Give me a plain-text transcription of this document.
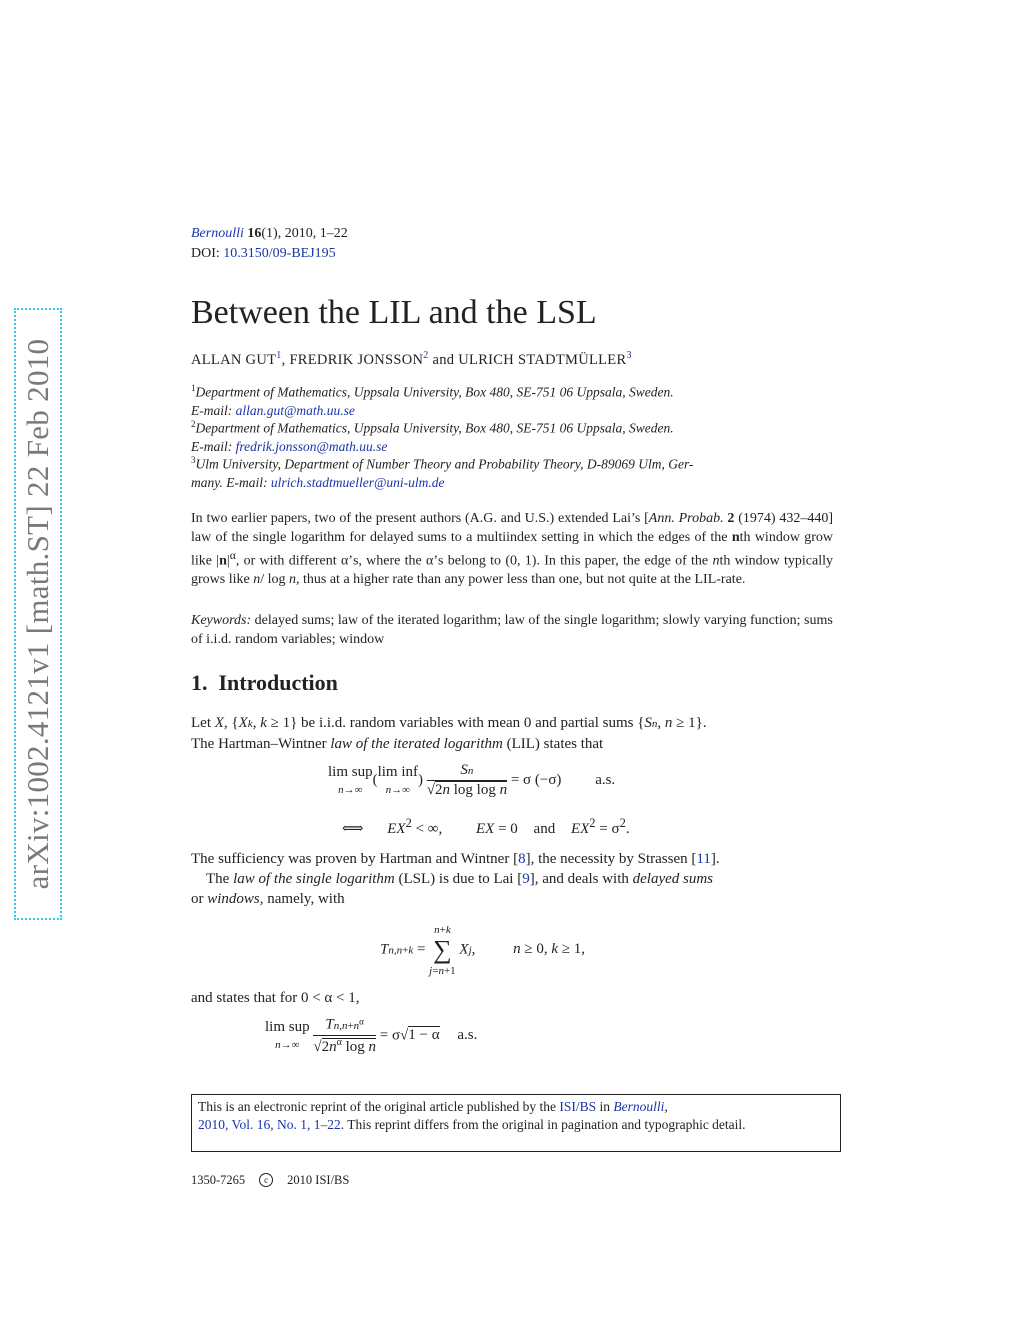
arXiv:1002.4121v1 [math.ST] 22 Feb 2010
Bernoulli 16(1), 2010, 1–22
DOI: 10.3150/09-BEJ195
Between the LIL and the LSL
ALLAN GUT$^1$, FREDRIK JONSSON$^2$ and ULRICH STADTMÜLLER$^3$
$^1$Department of Mathematics, Uppsala University, Box 480, SE-751 06 Uppsala, Sweden.
E-mail: allan.gut@math.uu.se
$^2$Department of Mathematics, Uppsala University, Box 480, SE-751 06 Uppsala, Sweden.
E-mail: fredrik.jonsson@math.uu.se
$^3$Ulm University, Department of Number Theory and Probability Theory, D-89069 Ulm, Ger-
many. E-mail: ulrich.stadtmueller@uni-ulm.de
In two earlier papers, two of the present authors (A.G. and U.S.) extended Lai’s [Ann. Probab. 2 (1974) 432–440] law of the single logarithm for delayed sums to a multiindex setting in which the edges of the nth window grow like $|n|^\alpha$, or with different α’s, where the α’s belong to (0, 1). In this paper, the edge of the nth window typically grows like n/ log n, thus at a higher rate than any power less than one, but not quite at the LIL-rate.
Keywords: delayed sums; law of the iterated logarithm; law of the single logarithm; slowly varying function; sums of i.i.d. random variables; window
1. Introduction
Let X, {Xk, k ≥ 1} be i.i.d. random variables with mean 0 and partial sums {Sn, n ≥ 1}.
The Hartman–Wintner law of the iterated logarithm (LIL) states that
lim sup
n→∞(lim inf
$n\to\infty) \frac{Sn}{\text{√2n log log n}} = \sigma$ (−σ) a.s.
⟺ $EX^2$ < ∞, EX = 0 and $EX^2 = \sigma^2$.
The sufficiency was proven by Hartman and Wintner [8], the necessity by Strassen [11].
The law of the single logarithm (LSL) is due to Lai [9], and deals with delayed sums
or windows, namely, with
Tn,n+k = n+k
∑
j=n+1 Xj, n ≥ 0, k ≥ 1,
and states that for 0 < α < 1,
lim sup
$n\to\infty \frac{Tn,n+n^\alpha}{√2n^\alpha \log n} = \sigma√1 - \alpha$ a.s.
This is an electronic reprint of the original article published by the ISI/BS in Bernoulli,
2010, Vol. 16, No. 1, 1–22. This reprint differs from the original in pagination and typographic detail.
1350-7265 c 2010 ISI/BS
